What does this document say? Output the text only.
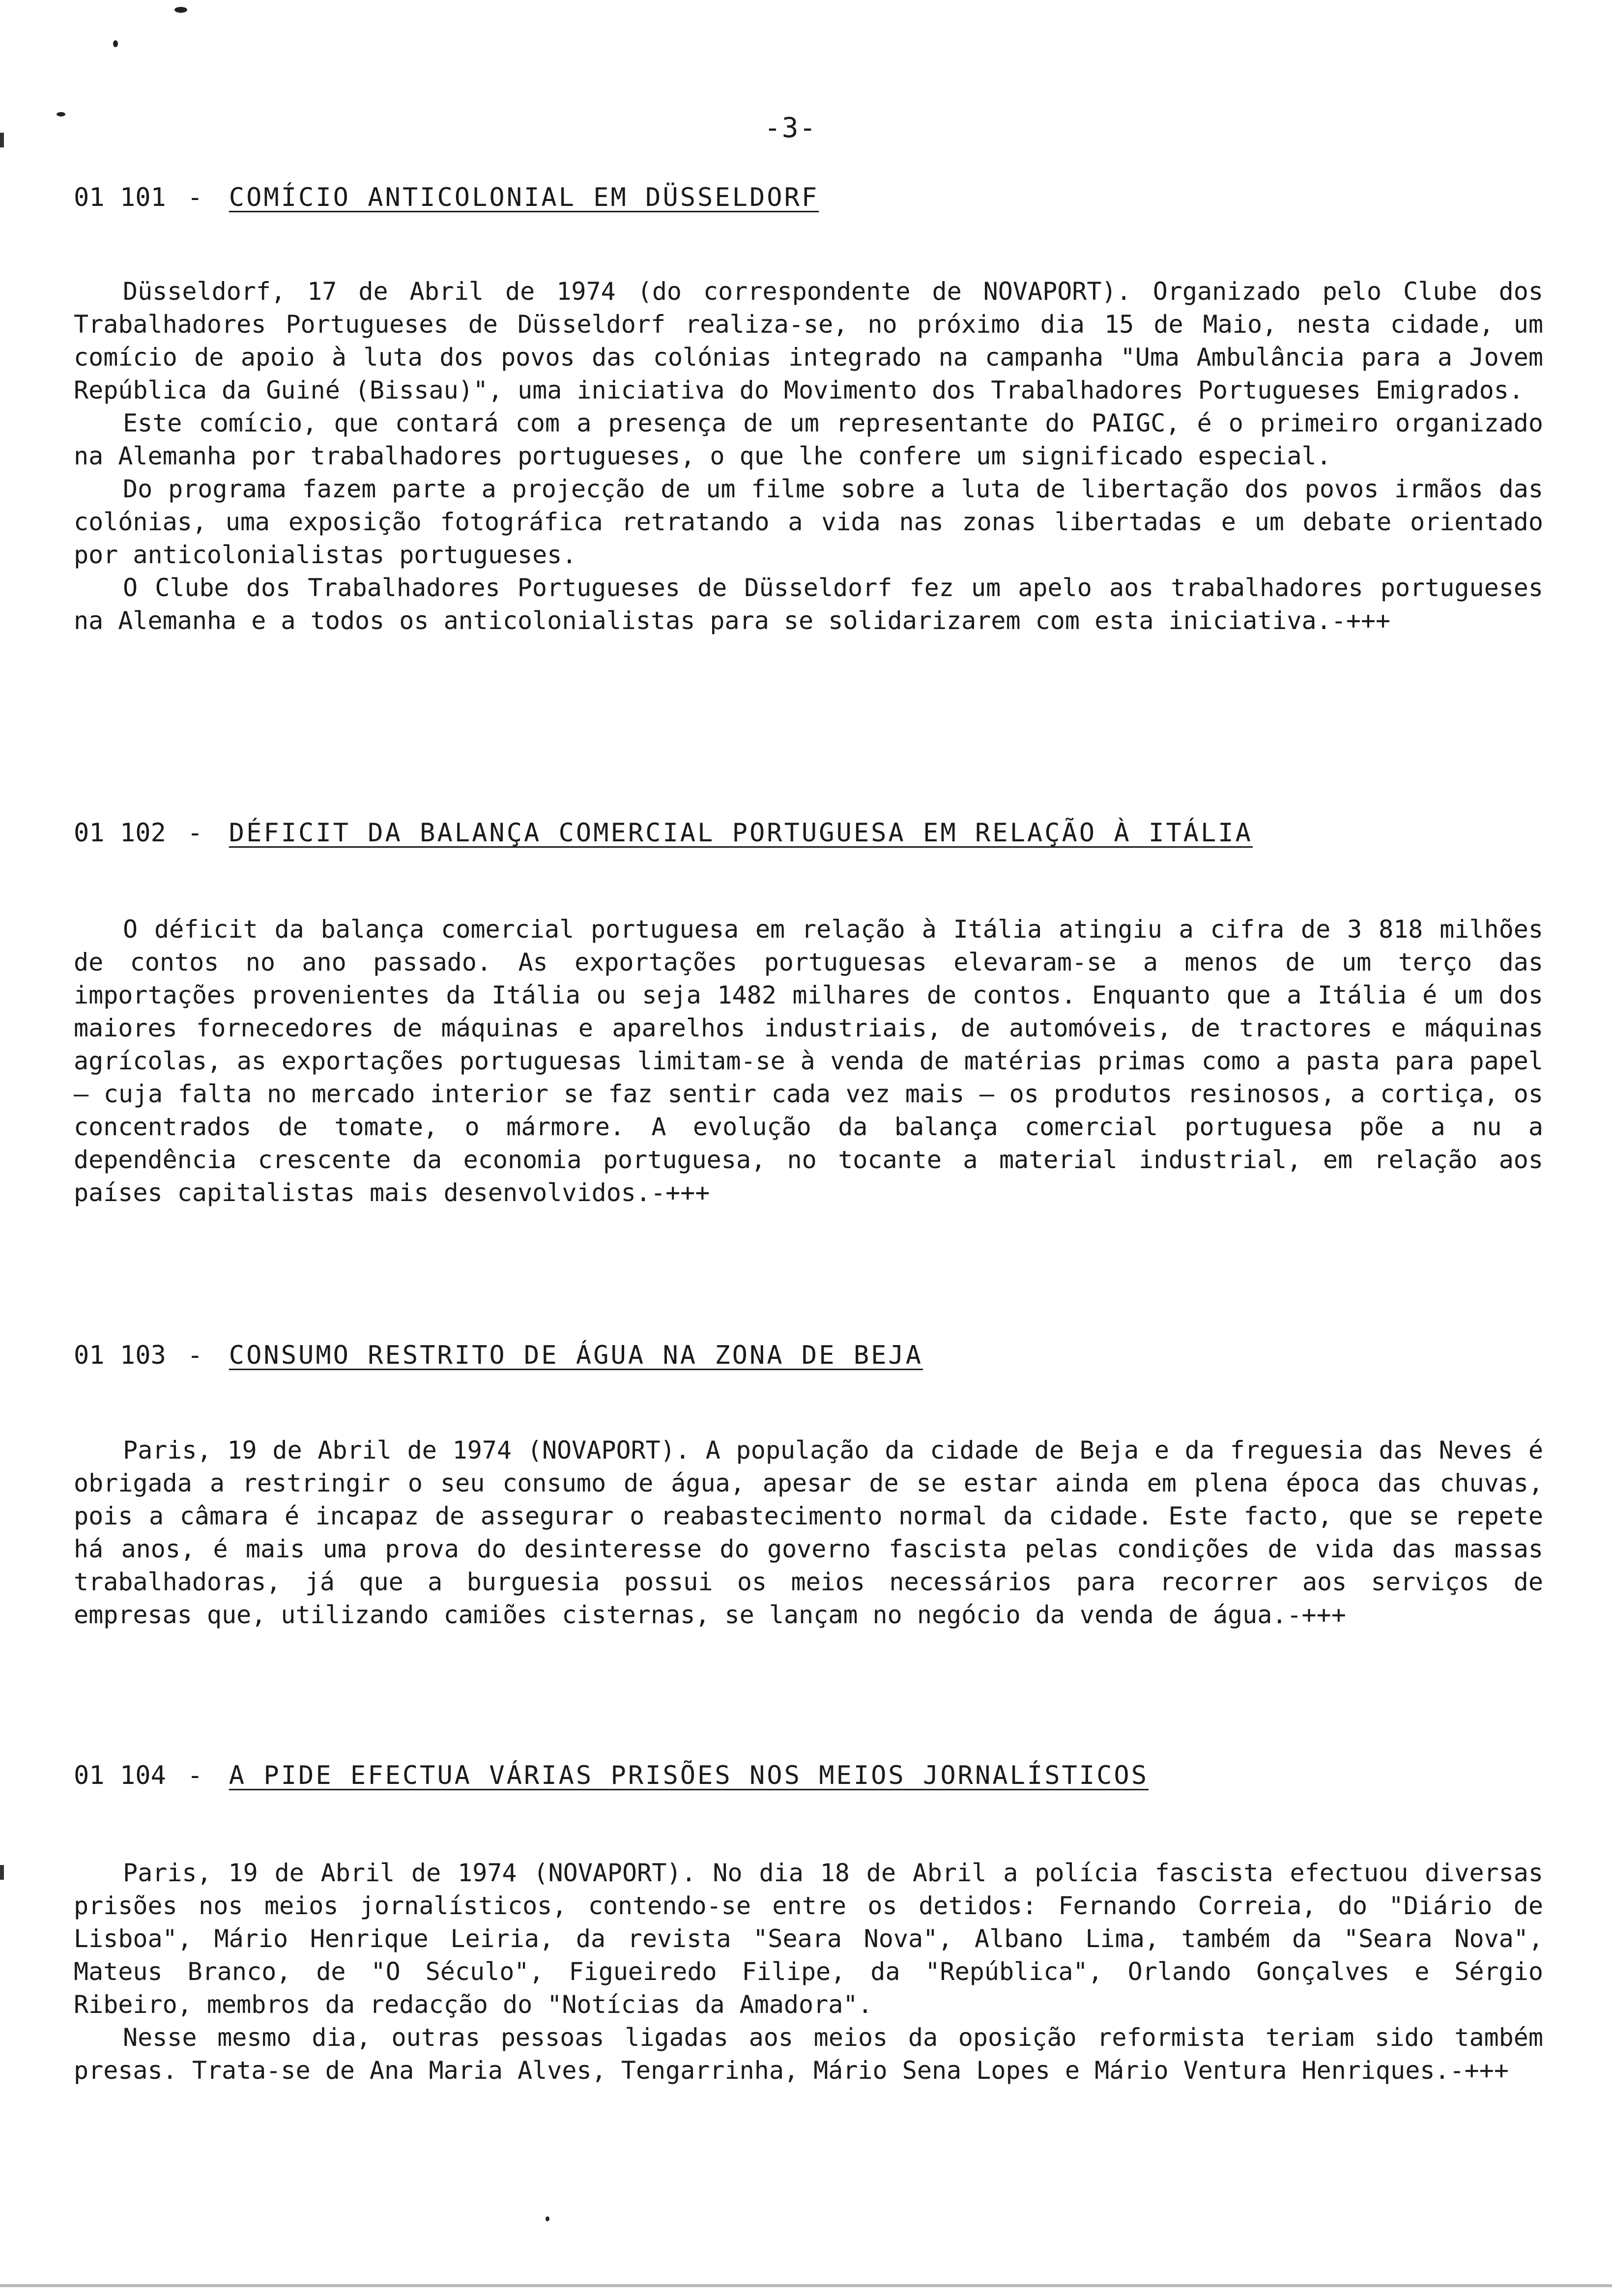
-3-
01 101 - COMÍCIO ANTICOLONIAL EM DÜSSELDORF

Düsseldorf, 17 de Abril de 1974 (do correspondente de NOVAPORT). Organizado pelo Clube dos Trabalhadores Portugueses de Düsseldorf realiza-se, no próximo dia 15 de Maio, nesta cidade, um comício de apoio à luta dos povos das colónias integrado na campanha "Uma Ambulância para a Jovem República da Guiné (Bissau)", uma iniciativa do Movimento dos Trabalhadores Portugueses Emigrados.

Este comício, que contará com a presença de um representante do PAIGC, é o primeiro organizado na Alemanha por trabalhadores portugueses, o que lhe confere um significado especial.

Do programa fazem parte a projecção de um filme sobre a luta de libertação dos povos irmãos das colónias, uma exposição fotográfica retratando a vida nas zonas libertadas e um debate orientado por anticolonialistas portugueses.

O Clube dos Trabalhadores Portugueses de Düsseldorf fez um apelo aos trabalhadores portugueses na Alemanha e a todos os anticolonialistas para se solidarizarem com esta iniciativa.-+++

01 102 - DÉFICIT DA BALANÇA COMERCIAL PORTUGUESA EM RELAÇÃO À ITÁLIA

O déficit da balança comercial portuguesa em relação à Itália atingiu a cifra de 3 818 milhões de contos no ano passado. As exportações portuguesas elevaram-se a menos de um terço das importações provenientes da Itália ou seja 1482 milhares de contos. Enquanto que a Itália é um dos maiores fornecedores de máquinas e aparelhos industriais, de automóveis, de tractores e máquinas agrícolas, as exportações portuguesas limitam-se à venda de matérias primas como a pasta para papel — cuja falta no mercado interior se faz sentir cada vez mais — os produtos resinosos, a cortiça, os concentrados de tomate, o mármore. A evolução da balança comercial portuguesa põe a nu a dependência crescente da economia portuguesa, no tocante a material industrial, em relação aos países capitalistas mais desenvolvidos.-+++

01 103 - CONSUMO RESTRITO DE ÁGUA NA ZONA DE BEJA

Paris, 19 de Abril de 1974 (NOVAPORT). A população da cidade de Beja e da freguesia das Neves é obrigada a restringir o seu consumo de água, apesar de se estar ainda em plena época das chuvas, pois a câmara é incapaz de assegurar o reabastecimento normal da cidade. Este facto, que se repete há anos, é mais uma prova do desinteresse do governo fascista pelas condições de vida das massas trabalhadoras, já que a burguesia possui os meios necessários para recorrer aos serviços de empresas que, utilizando camiões cisternas, se lançam no negócio da venda de água.-+++

01 104 - A PIDE EFECTUA VÁRIAS PRISÕES NOS MEIOS JORNALÍSTICOS

Paris, 19 de Abril de 1974 (NOVAPORT). No dia 18 de Abril a polícia fascista efectuou diversas prisões nos meios jornalísticos, contendo-se entre os detidos: Fernando Correia, do "Diário de Lisboa", Mário Henrique Leiria, da revista "Seara Nova", Albano Lima, também da "Seara Nova", Mateus Branco, de "O Século", Figueiredo Filipe, da "República", Orlando Gonçalves e Sérgio Ribeiro, membros da redacção do "Notícias da Amadora".

Nesse mesmo dia, outras pessoas ligadas aos meios da oposição reformista teriam sido também presas. Trata-se de Ana Maria Alves, Tengarrinha, Mário Sena Lopes e Mário Ventura Henriques.-+++
